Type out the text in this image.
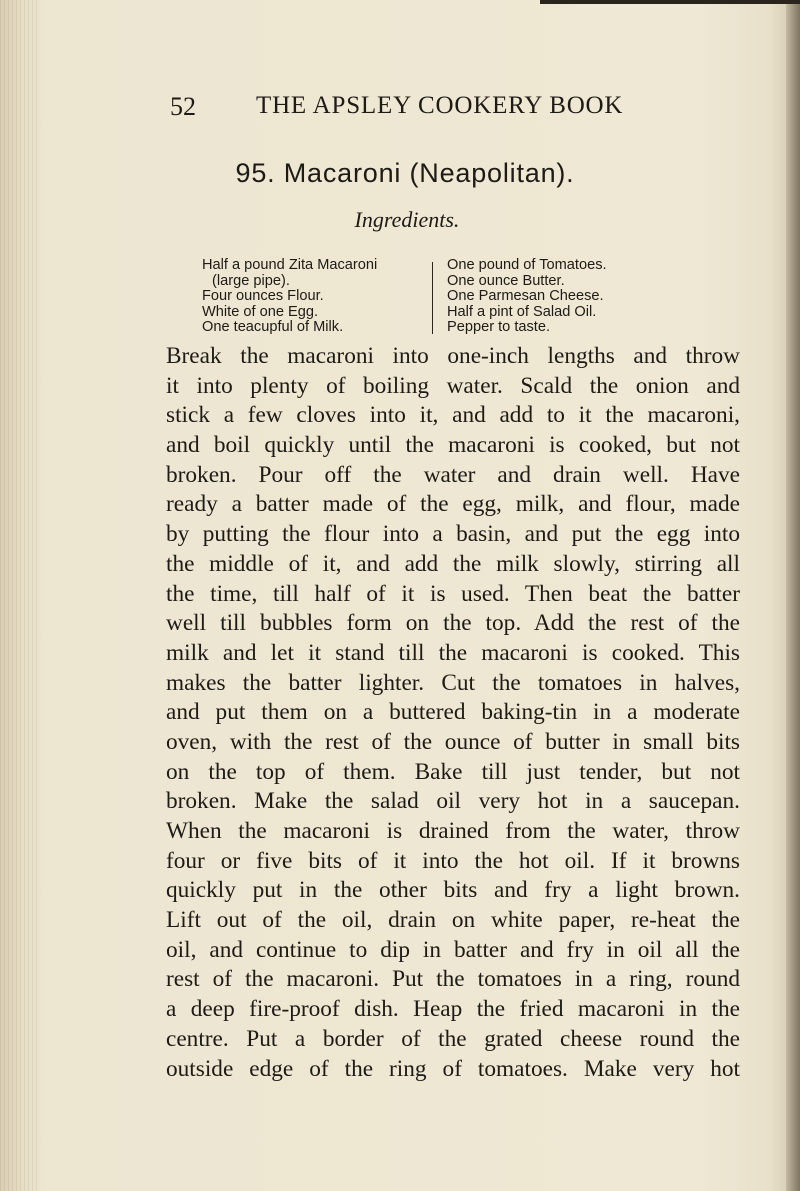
52 THE APSLEY COOKERY BOOK
95. Macaroni (Neapolitan).
Ingredients.
Half a pound Zita Macaroni
(large pipe).
Four ounces Flour.
White of one Egg.
One teacupful of Milk.
One pound of Tomatoes.
One ounce Butter.
One Parmesan Cheese.
Half a pint of Salad Oil.
Pepper to taste.
Break the macaroni into one-inch lengths and throw
it into plenty of boiling water. Scald the onion and
stick a few cloves into it, and add to it the macaroni,
and boil quickly until the macaroni is cooked, but not
broken. Pour off the water and drain well. Have
ready a batter made of the egg, milk, and flour, made
by putting the flour into a basin, and put the egg into
the middle of it, and add the milk slowly, stirring all
the time, till half of it is used. Then beat the batter
well till bubbles form on the top. Add the rest of the
milk and let it stand till the macaroni is cooked. This
makes the batter lighter. Cut the tomatoes in halves,
and put them on a buttered baking-tin in a moderate
oven, with the rest of the ounce of butter in small bits
on the top of them. Bake till just tender, but not
broken. Make the salad oil very hot in a saucepan.
When the macaroni is drained from the water, throw
four or five bits of it into the hot oil. If it browns
quickly put in the other bits and fry a light brown.
Lift out of the oil, drain on white paper, re-heat the
oil, and continue to dip in batter and fry in oil all the
rest of the macaroni. Put the tomatoes in a ring, round
a deep fire-proof dish. Heap the fried macaroni in the
centre. Put a border of the grated cheese round the
outside edge of the ring of tomatoes. Make very hot
